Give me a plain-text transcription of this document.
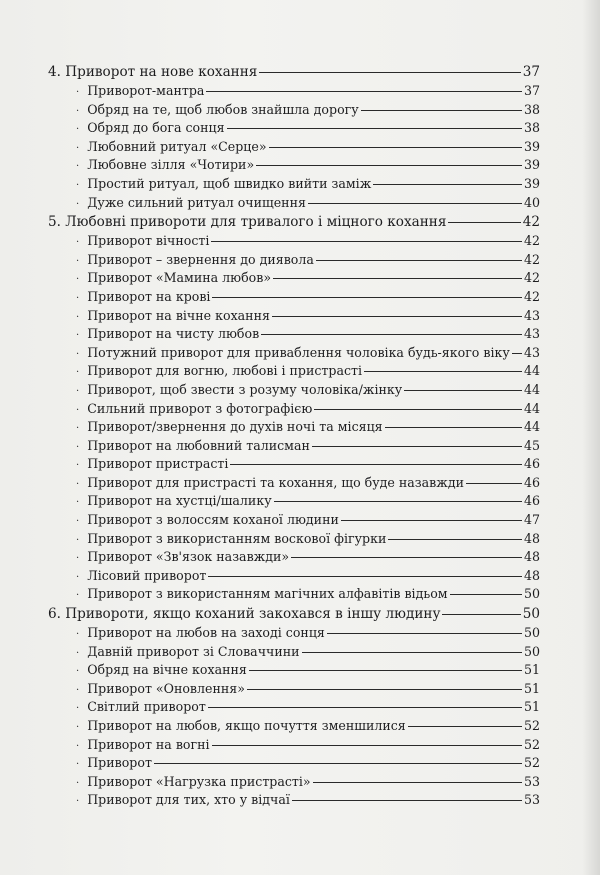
4. Приворот на нове кохання	37
· Приворот-мантра	37
· Обряд на те, щоб любов знайшла дорогу	38
· Обряд до бога сонця	38
· Любовний ритуал «Серце»	39
· Любовне зілля «Чотири»	39
· Простий ритуал, щоб швидко вийти заміж	39
· Дуже сильний ритуал очищення	40
5. Любовні привороти для тривалого і міцного кохання	42
· Приворот вічності	42
· Приворот – звернення до диявола	42
· Приворот «Мамина любов»	42
· Приворот на крові	42
· Приворот на вічне кохання	43
· Приворот на чисту любов	43
· Потужний приворот для приваблення чоловіка будь-якого віку 43
· Приворот для вогню, любові і пристрасті	44
· Приворот, щоб звести з розуму чоловіка/жінку	44
· Сильний приворот з фотографією	44
· Приворот/звернення до духів ночі та місяця	44
· Приворот на любовний талисман	45
· Приворот пристрасті	46
· Приворот для пристрасті та кохання, що буде назавжди	46
· Приворот на хустці/шалику	46
· Приворот з волоссям коханої людини	47
· Приворот з використанням воскової фігурки	48
· Приворот «Зв'язок назавжди»	48
· Лісовий приворот	48
· Приворот з використанням магічних алфавітів відьом	50
6. Привороти, якщо коханий закохався в іншу людину	50
· Приворот на любов на заході сонця	50
· Давній приворот зі Словаччини	50
· Обряд на вічне кохання	51
· Приворот «Оновлення»	51
· Світлий приворот	51
· Приворот на любов, якщо почуття зменшилися	52
· Приворот на вогні	52
· Приворот	52
· Приворот «Нагрузка пристрасті»	53
· Приворот для тих, хто у відчаї	53
